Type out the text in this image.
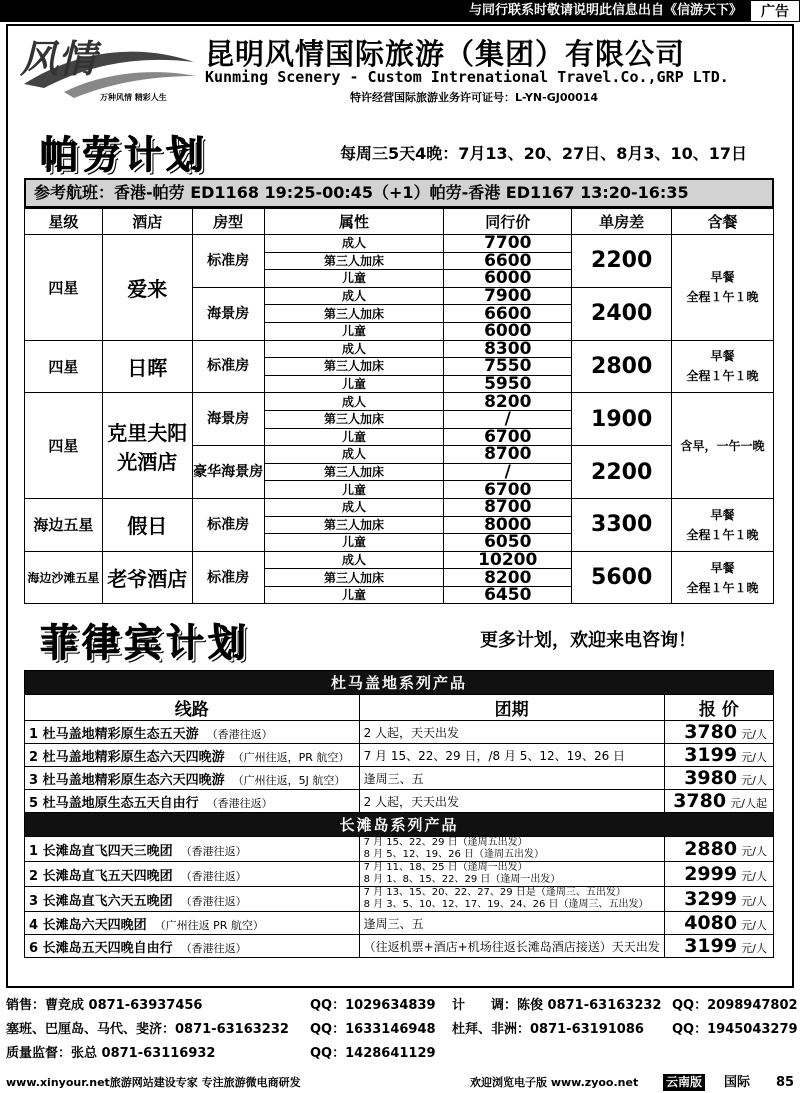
与同行联系时敬请说明此信息出自《信游天下》	广告
风情
万种风情 精彩人生
昆明风情国际旅游（集团）有限公司
Kunming Scenery - Custom Intrenational Travel.Co.,GRP LTD.
特许经营国际旅游业务许可证号：L-YN-GJ00014
帕劳计划	每周三5天4晚：7月13、20、27日、8月3、10、17日
参考航班：香港-帕劳 ED1168 19:25-00:45（+1）帕劳-香港 ED1167 13:20-16:35
星级	酒店	房型	属性	同行价	单房差	含餐
四星	爱来	标准房	成人	7700	2200	早餐
全程１午１晚

			第三人加床	6600		
			儿童	6000		
		海景房	成人	7900	2400	
			第三人加床	6600		
			儿童	6000		
四星	日晖	标准房	成人	8300	2800	早餐
全程１午１晚

			第三人加床	7550		
			儿童	5950		
四星	克里夫阳光酒店	海景房	成人	8200	1900	含早，一午一晚

			第三人加床	/		
			儿童	6700		
		豪华海景房	成人	8700	2200	
			第三人加床	/		
			儿童	6700		
海边五星	假日	标准房	成人	8700	3300	早餐
全程１午１晚

			第三人加床	8000		
			儿童	6050		
海边沙滩五星	老爷酒店	标准房	成人	10200	5600	早餐
全程１午１晚

			第三人加床	8200		
			儿童	6450		
菲律宾计划	更多计划，欢迎来电咨询！
杜马盖地系列产品		
线路	团期	报 价
1 杜马盖地精彩原生态五天游 （香港往返）	2 人起，天天出发	3780 元/人
2 杜马盖地精彩原生态六天四晚游 （广州往返，PR 航空）	7 月 15、22、29 日，/8 月 5、12、19、26 日	3199 元/人
3 杜马盖地精彩原生态六天四晚游 （广州往返，5J 航空）	逢周三、五	3980 元/人
5 杜马盖地原生态五天自由行 （香港往返）	2 人起，天天出发	3780 元/人起
长滩岛系列产品		
1 长滩岛直飞四天三晚团 （香港往返）	7 月 15、22、29 日（逢周五出发）
8 月 5、12、19、26 日（逢周五出发）	2880 元/人
2 长滩岛直飞五天四晚团 （香港往返）	7 月 11、18、25 日（逢周一出发）
8 月 1、8、15、22、29 日（逢周一出发）	2999 元/人
3 长滩岛直飞六天五晚团 （香港往返）	7 月 13、15、20、22、27、29 日是（逢周三、五出发）
8 月 3、5、10、12、17、19、24、26 日（逢周三、五出发）	3299 元/人
4 长滩岛六天四晚团 （广州往返 PR 航空）	逢周三、五	4080 元/人
6 长滩岛五天四晚自由行 （香港往返）	（往返机票+酒店+机场往返长滩岛酒店接送）天天出发	3199 元/人
销售：曹竞成 0871-63937456	QQ：1029634839 计　　调：陈俊 0871-63163232 QQ：2098947802
塞班、巴厘岛、马代、斐济：0871-63163232 QQ：1633146948 杜拜、非洲：0871-63191086 QQ：1945043279
质量监督：张总 0871-63116932	QQ：1428641129
www.xinyour.net旅游网站建设专家 专注旅游微电商研发	欢迎浏览电子版 www.zyoo.net 云南版 国际 85
